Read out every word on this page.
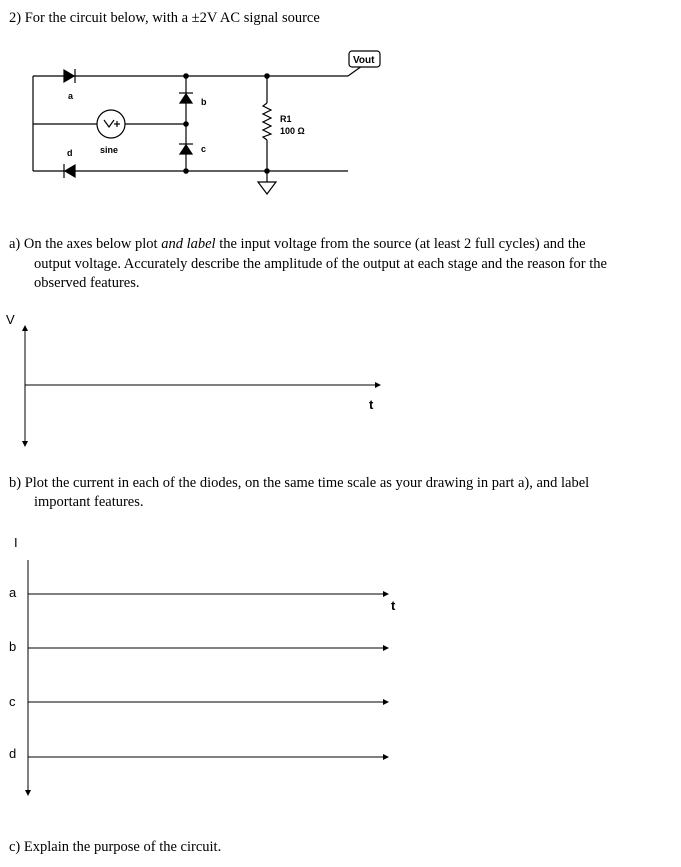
2) For the circuit below, with a ±2V AC signal source
a) On the axes below plot and label the input voltage from the source (at least 2 full cycles) and the
output voltage. Accurately describe the amplitude of the output at each stage and the reason for the
observed features.
b) Plot the current in each of the diodes, on the same time scale as your drawing in part a), and label
important features.
c) Explain the purpose of the circuit.
a
b
c
d	sine
R1
100 Ω
Vout
V
t
I
t
a
b
c
d
